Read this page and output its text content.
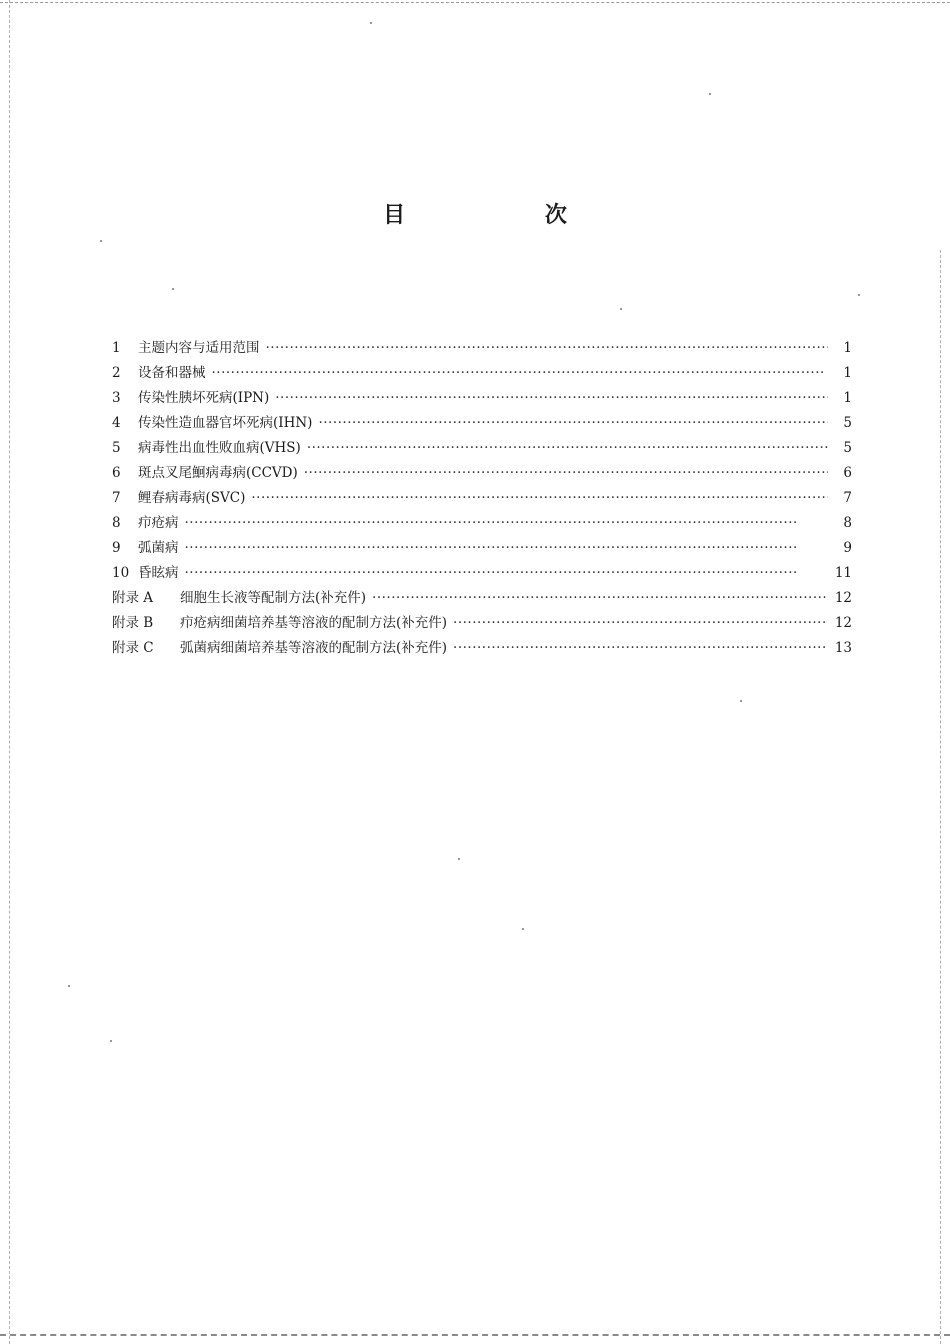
目 次
1	主题内容与适用范围 ·····	1
2	设备和器械 ·····	1
3	传染性胰坏死病(IPN) ·····	1
4	传染性造血器官坏死病(IHN) ·····	5
5	病毒性出血性败血病(VHS) ·····	5
6	斑点叉尾鮰病毒病(CCVD) ·····	6
7	鲤春病毒病(SVC) ·····	7
8	疖疮病 ·····	8
9	弧菌病 ·····	9
10 昏眩病 ·····	11
附录 A	细胞生长液等配制方法(补充件) ·····	12
附录 B	疖疮病细菌培养基等溶液的配制方法(补充件) ·····	12
附录 C	弧菌病细菌培养基等溶液的配制方法(补充件) ·····	13
